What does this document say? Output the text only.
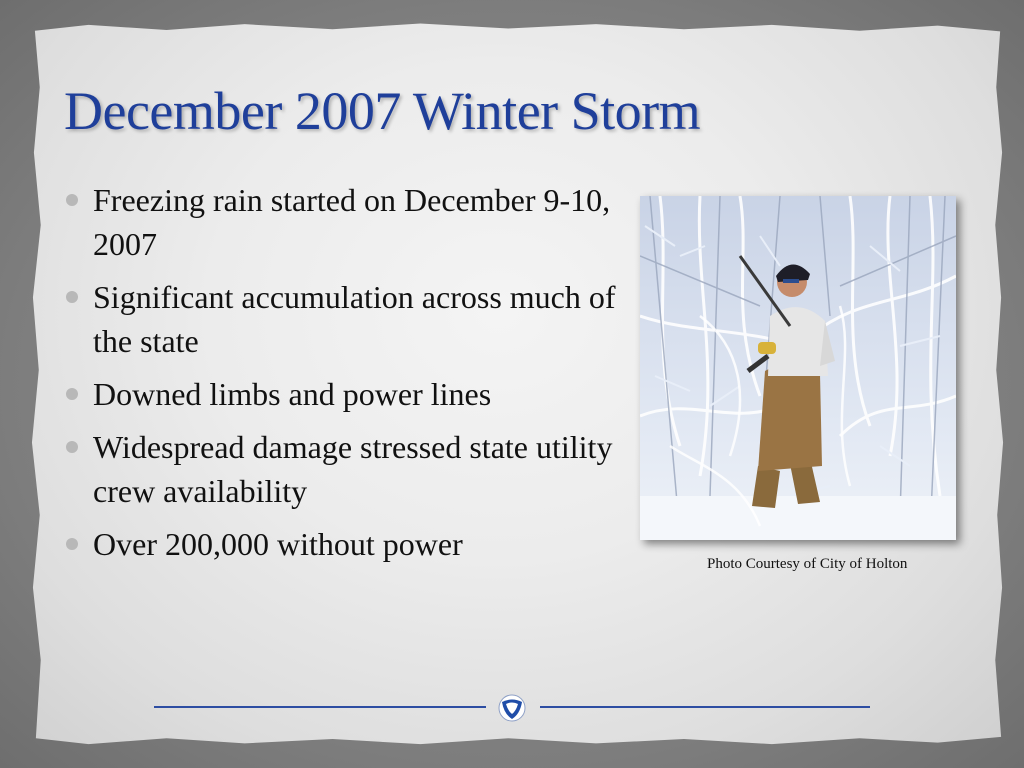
December 2007 Winter Storm
Freezing rain started on December 9-10, 2007
Significant accumulation across much of the state
Downed limbs and power lines
Widespread damage stressed state utility crew availability
Over 200,000 without power
Photo Courtesy of City of Holton
